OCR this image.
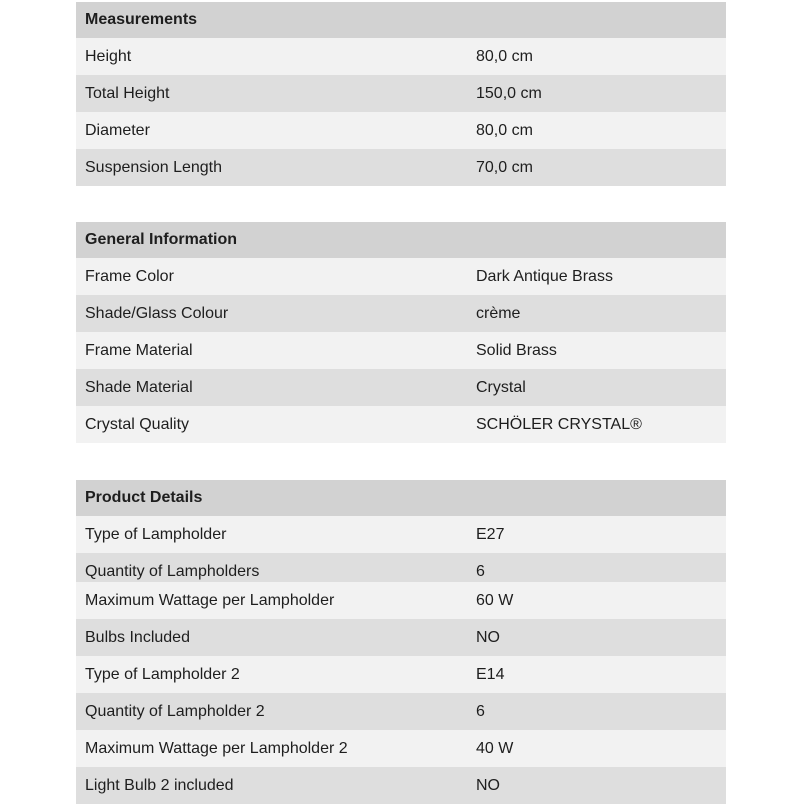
Measurements
Height	80,0 cm
Total Height	150,0 cm
Diameter	80,0 cm
Suspension Length	70,0 cm
General Information
Frame Color	Dark Antique Brass
Shade/Glass Colour	crème
Frame Material	Solid Brass
Shade Material	Crystal
Crystal Quality	SCHÖLER CRYSTAL®
Product Details
Type of Lampholder	E27
Quantity of Lampholders	6
Maximum Wattage per Lampholder	60 W
Bulbs Included	NO
Type of Lampholder 2	E14
Quantity of Lampholder 2	6
Maximum Wattage per Lampholder 2	40 W
Light Bulb 2 included	NO
